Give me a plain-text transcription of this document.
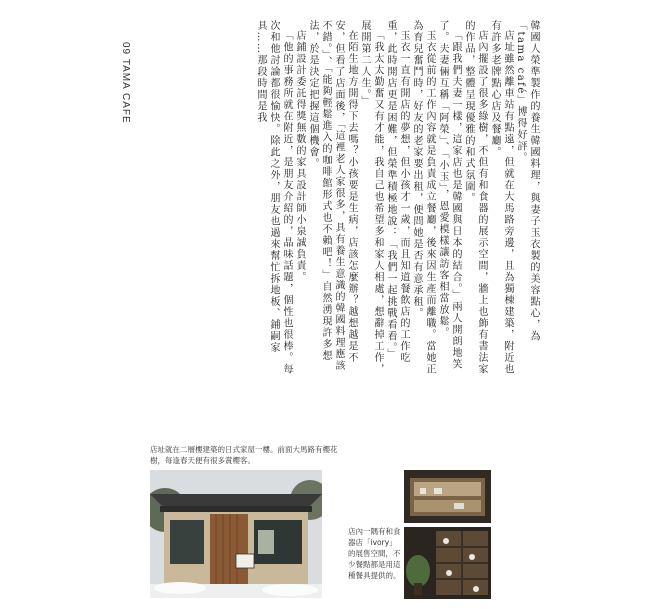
09 TAMA CAFE	韓國人榮準製作的養生韓國料理，與妻子玉衣製的美容點心，為「tama café」博得好評。

店址雖然離車站有點遠，但就在大馬路旁邊，且為獨棟建築，附近也有許多老牌點心店及餐廳。

店內擺設了很多綠樹，不但有和食器的展示空間，牆上也飾有書法家的作品，整體呈現優雅的和式氛圍。

「跟我們夫妻一樣，這家店也是韓國與日本的結合。」兩人開朗地笑了。夫妻倆互稱「阿榮」、「小玉」，恩愛模樣讓訪客相當放鬆。

玉衣從前的工作內容就是負責成立餐廳，後來因生產而離職。當她正為育兒奮鬥時，好友的老家要出租，便問她是否有意承租。

玉衣一直有開店的夢想，但小孩才一歲，而且知道餐飲店的工作吃重，此時開店更是困難，但榮準積極地說：「我們一起挑戰看看。」

「我太太勤奮又有才能，我自己也希望多和家人相處，想辭掉工作，展開第二人生。」

在陌生地方開得下去嗎？小孩要是生病，店該怎麼辦？越想越是不安，但看了店面後，「這裡老人家很多，具有養生意識的韓國料理應該不錯。」、「能夠輕鬆進入的咖啡館形式也不賴吧！」自然湧現許多想法，於是決定把握這個機會。

店鋪設計委託得獎無數的家具設計師小泉誠負責。

「他的事務所就在附近，是朋友介紹的，晶味話題，個性也很棒。每次和他討論都很愉快。除此之外，朋友也過來幫忙拆地板、鋪嗣家具……那段時間是我

店址就在二層樓建築的日式家屋一樓。前面大馬路有櫻花樹，每逢春天便有很多賞櫻客。
店內一隅有和食器店「ivory」的展售空間，不少餐點都是用這種餐具提供的。
